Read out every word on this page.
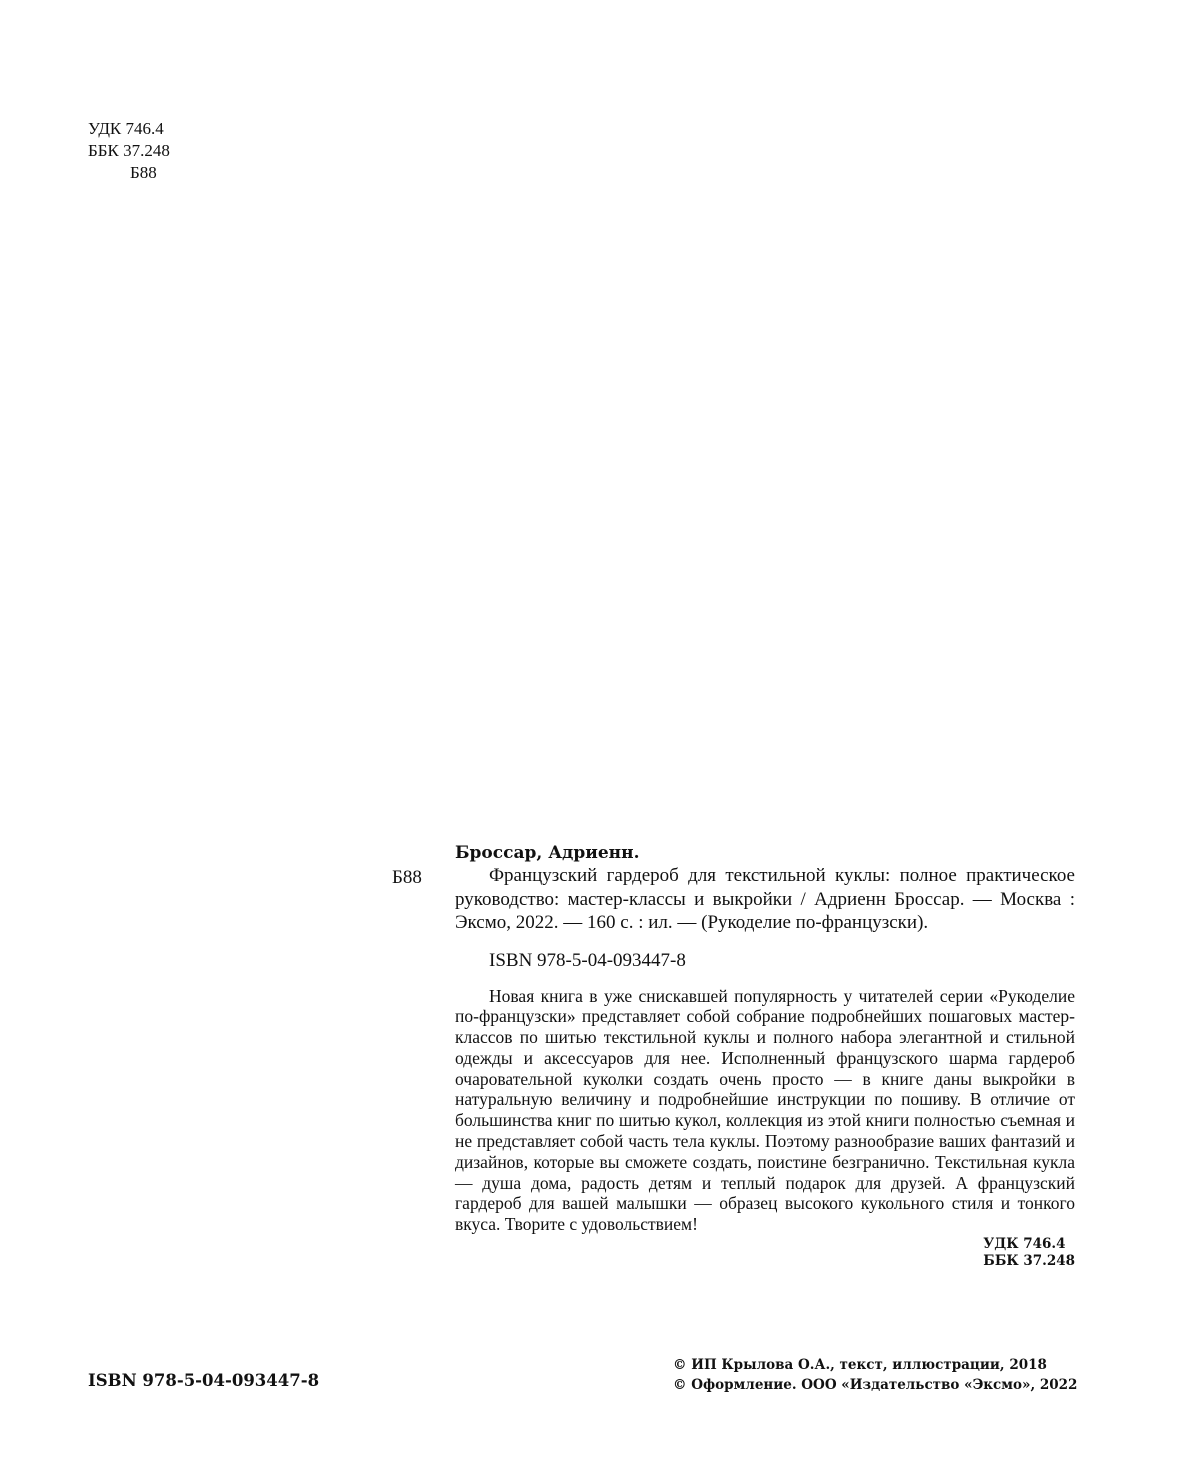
УДК 746.4
ББК 37.248
Б88
Б88
Броссар, Адриенн.

Французский гардероб для текстильной куклы: полное практическое руководство: мастер-классы и выкройки / Адриенн Броссар. — Москва : Эксмо, 2022. — 160 с. : ил. — (Рукоделие по-французски).

ISBN 978-5-04-093447-8

Новая книга в уже снискавшей популярность у читателей серии «Рукоделие по-французски» представляет собой собрание подробнейших пошаговых мастер-классов по шитью текстильной куклы и полного набора элегантной и стильной одежды и аксессуаров для нее. Исполненный французского шарма гардероб очаровательной куколки создать очень просто — в книге даны выкройки в натуральную величину и подробнейшие инструкции по пошиву. В отличие от большинства книг по шитью кукол, коллекция из этой книги полностью съемная и не представляет собой часть тела куклы. Поэтому разнообразие ваших фантазий и дизайнов, которые вы сможете создать, поистине безгранично. Текстильная кукла — душа дома, радость детям и теплый подарок для друзей. А французский гардероб для вашей малышки — образец высокого кукольного стиля и тонкого вкуса. Творите с удовольствием!

УДК 746.4
ББК 37.248
ISBN 978-5-04-093447-8
© ИП Крылова О.А., текст, иллюстрации, 2018
© Оформление. ООО «Издательство «Эксмо», 2022
